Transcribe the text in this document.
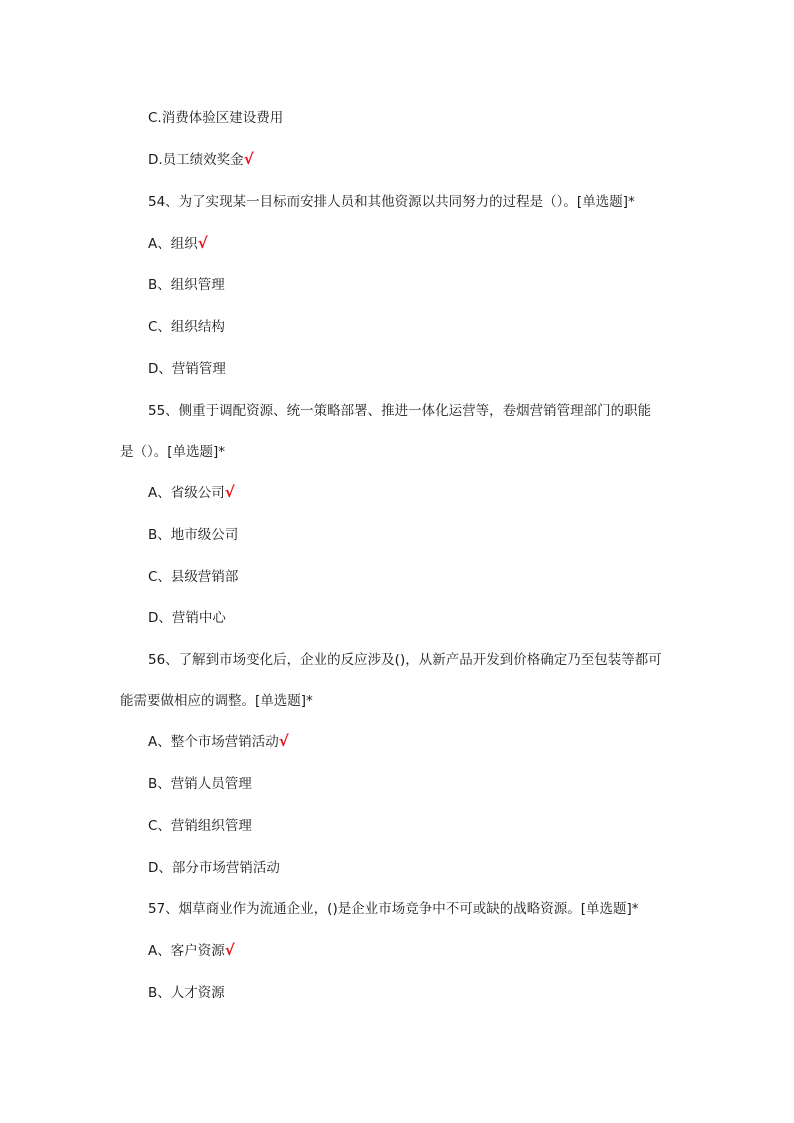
C.消费体验区建设费用
D.员工绩效奖金√
54、为了实现某一目标而安排人员和其他资源以共同努力的过程是（）。[单选题]*
A、组织√
B、组织管理
C、组织结构
D、营销管理
55、侧重于调配资源、统一策略部署、推进一体化运营等，卷烟营销管理部门的职能
是（）。[单选题]*
A、省级公司√
B、地市级公司
C、县级营销部
D、营销中心
56、了解到市场变化后，企业的反应涉及()，从新产品开发到价格确定乃至包装等都可
能需要做相应的调整。[单选题]*
A、整个市场营销活动√
B、营销人员管理
C、营销组织管理
D、部分市场营销活动
57、烟草商业作为流通企业，()是企业市场竞争中不可或缺的战略资源。[单选题]*
A、客户资源√
B、人才资源
